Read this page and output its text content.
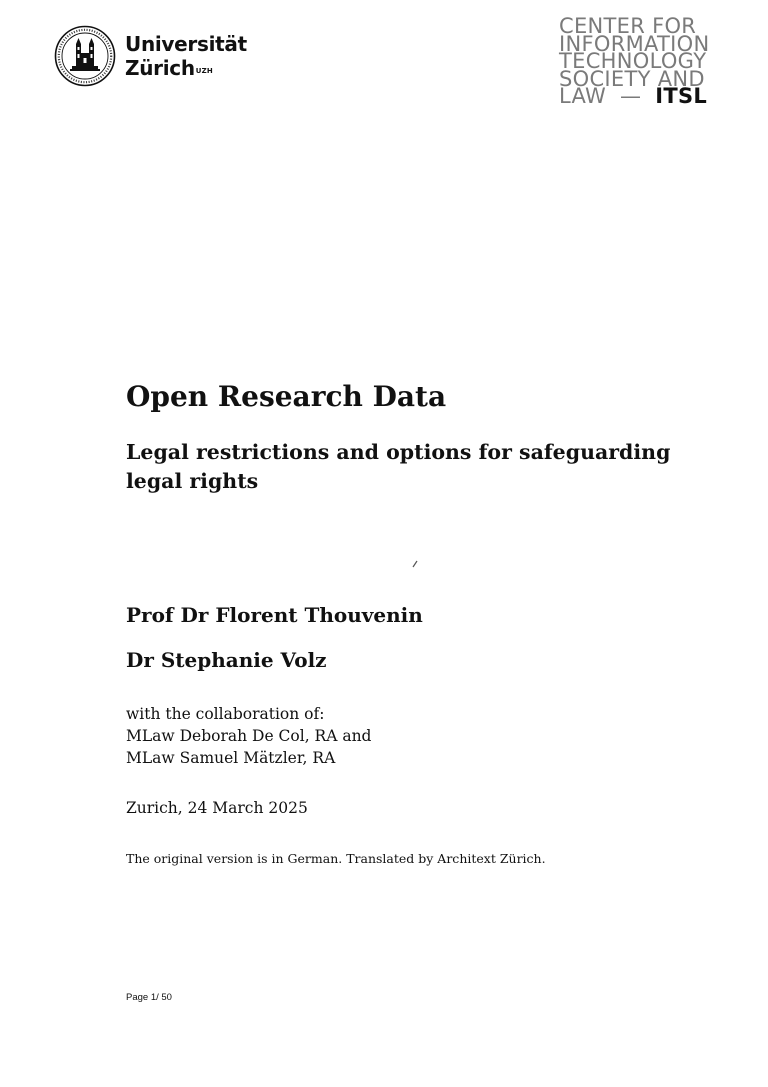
Universität
Zürich$^{UZH}$
CENTER FOR
INFORMATION
TECHNOLOGY
SOCIETY AND
LAW  —  ITSL
Open Research Data
Legal restrictions and options for safeguarding legal rights

Prof Dr Florent Thouvenin

Dr Stephanie Volz

with the collaboration of:
MLaw Deborah De Col, RA and
MLaw Samuel Mätzler, RA
Zurich, 24 March 2025
The original version is in German. Translated by Architext Zürich.
Page 1/ 50
